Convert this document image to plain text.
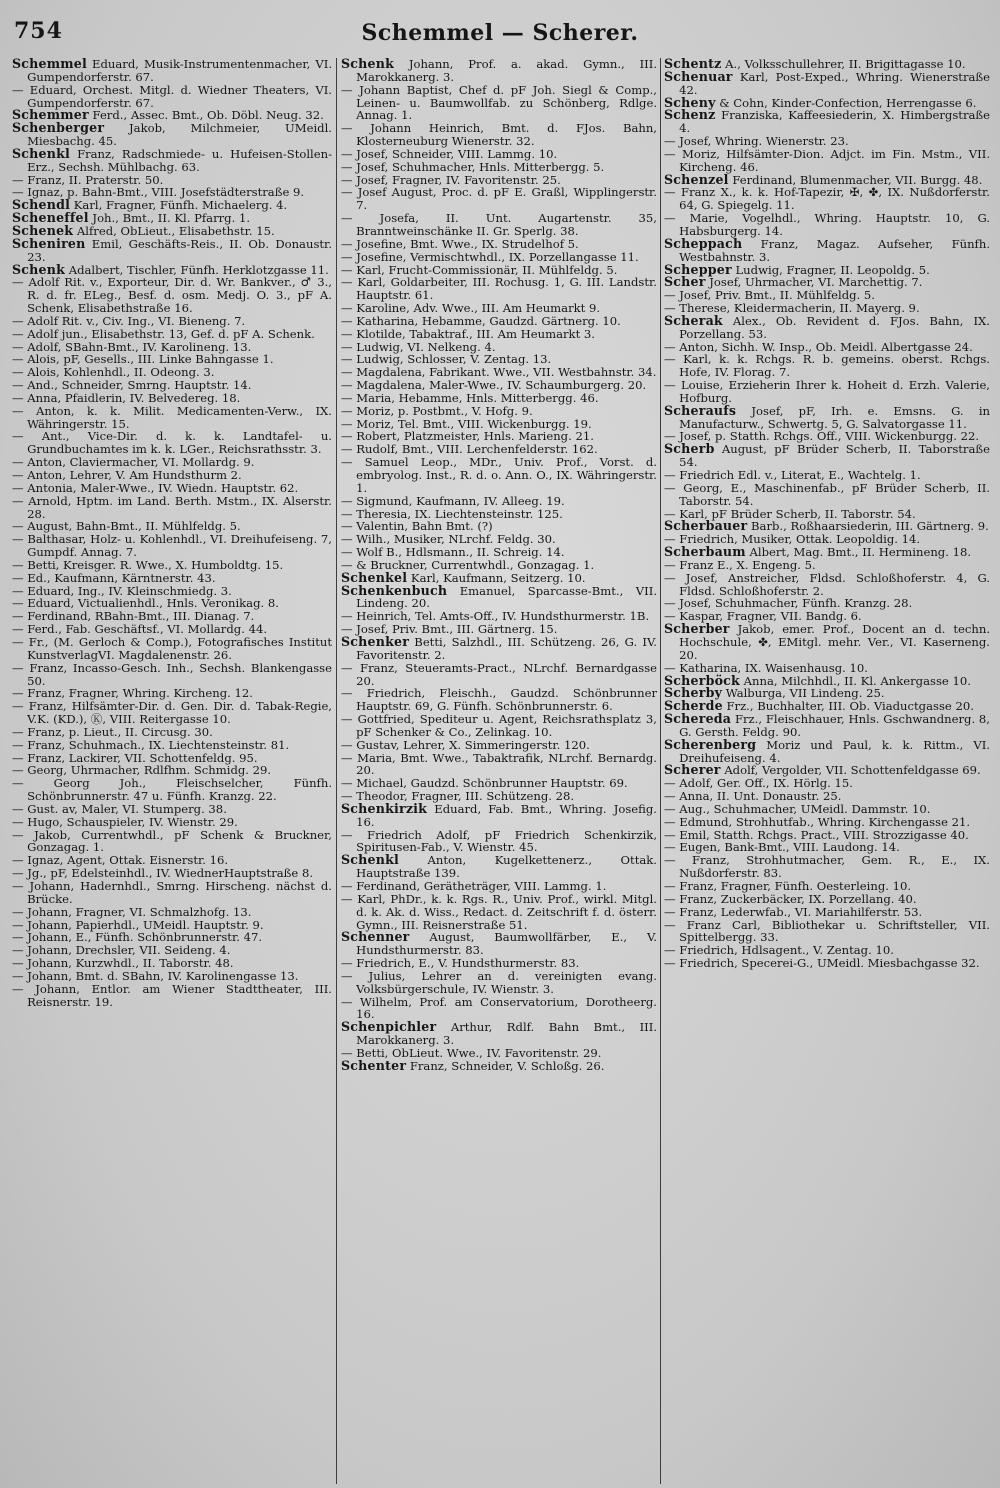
754	Schemmel — Scherer.
Schemmel Eduard, Musik-Instrumentenmacher, VI. Gumpendorferstr. 67.
— Eduard, Orchest. Mitgl. d. Wiedner Theaters, VI. Gumpendorferstr. 67.
Schemmer Ferd., Assec. Bmt., Ob. Döbl. Neug. 32.
Schenberger Jakob, Milchmeier, UMeidl. Miesbachg. 45.
Schenkl Franz, Radschmiede- u. Hufeisen-Stollen-Erz., Sechsh. Mühlbachg. 63.
— Franz, II. Praterstr. 50.
— Ignaz, p. Bahn-Bmt., VIII. Josefstädterstraße 9.
Schendl Karl, Fragner, Fünfh. Michaelerg. 4.
Scheneffel Joh., Bmt., II. Kl. Pfarrg. 1.
Schenek Alfred, ObLieut., Elisabethstr. 15.
Scheniren Emil, Geschäfts-Reis., II. Ob. Donaustr. 23.
Schenk Adalbert, Tischler, Fünfh. Herklotzgasse 11.
— Adolf Rit. v., Exporteur, Dir. d. Wr. Bankver., ♂ 3., R. d. fr. ELeg., Besf. d. osm. Medj. O. 3., pF A. Schenk, Elisabethstraße 16.
— Adolf Rit. v., Civ. Ing., VI. Bieneng. 7.
— Adolf jun., Elisabethstr. 13, Gef. d. pF A. Schenk.
— Adolf, SBahn-Bmt., IV. Karolineng. 13.
— Alois, pF, Gesells., III. Linke Bahngasse 1.
— Alois, Kohlenhdl., II. Odeong. 3.
— And., Schneider, Smrng. Hauptstr. 14.
— Anna, Pfaidlerin, IV. Belvedereg. 18.
— Anton, k. k. Milit. Medicamenten-Verw., IX. Währingerstr. 15.
— Ant., Vice-Dir. d. k. k. Landtafel- u. Grundbuchamtes im k. k. LGer., Reichsrathsstr. 3.
— Anton, Claviermacher, VI. Mollardg. 9.
— Anton, Lehrer, V. Am Hundsthurm 2.
— Antonia, Maler-Wwe., IV. Wiedn. Hauptstr. 62.
— Arnold, Hptm. im Land. Berth. Mstm., IX. Alserstr. 28.
— August, Bahn-Bmt., II. Mühlfeldg. 5.
— Balthasar, Holz- u. Kohlenhdl., VI. Dreihufeiseng. 7, Gumpdf. Annag. 7.
— Betti, Kreisger. R. Wwe., X. Humboldtg. 15.
— Ed., Kaufmann, Kärntnerstr. 43.
— Eduard, Ing., IV. Kleinschmiedg. 3.
— Eduard, Victualienhdl., Hnls. Veronikag. 8.
— Ferdinand, RBahn-Bmt., III. Dianag. 7.
— Ferd., Fab. Geschäftsf., VI. Mollardg. 44.
— Fr., (M. Gerloch & Comp.), Fotografisches Institut KunstverlagVI. Magdalenenstr. 26.
— Franz, Incasso-Gesch. Inh., Sechsh. Blankengasse 50.
— Franz, Fragner, Whring. Kircheng. 12.
— Franz, Hilfsämter-Dir. d. Gen. Dir. d. Tabak-Regie, V.K. (KD.), Ⓚ, VIII. Reitergasse 10.
— Franz, p. Lieut., II. Circusg. 30.
— Franz, Schuhmach., IX. Liechtensteinstr. 81.
— Franz, Lackirer, VII. Schottenfeldg. 95.
— Georg, Uhrmacher, Rdlfhm. Schmidg. 29.
— Georg Joh., Fleischselcher, Fünfh. Schönbrunnerstr. 47 u. Fünfh. Kranzg. 22.
— Gust. av, Maler, VI. Stumperg. 38.
— Hugo, Schauspieler, IV. Wienstr. 29.
— Jakob, Currentwhdl., pF Schenk & Bruckner, Gonzagag. 1.
— Ignaz, Agent, Ottak. Eisnerstr. 16.
— Jg., pF, Edelsteinhdl., IV. WiednerHauptstraße 8.
— Johann, Hadernhdl., Smrng. Hirscheng. nächst d. Brücke.
— Johann, Fragner, VI. Schmalzhofg. 13.
— Johann, Papierhdl., UMeidl. Hauptstr. 9.
— Johann, E., Fünfh. Schönbrunnerstr. 47.
— Johann, Drechsler, VII. Seideng. 4.
— Johann, Kurzwhdl., II. Taborstr. 48.
— Johann, Bmt. d. SBahn, IV. Karolinengasse 13.
— Johann, Entlor. am Wiener Stadttheater, III. Reisnerstr. 19.
Schenk Johann, Prof. a. akad. Gymn., III. Marokkanerg. 3.
— Johann Baptist, Chef d. pF Joh. Siegl & Comp., Leinen- u. Baumwollfab. zu Schönberg, Rdlge. Annag. 1.
— Johann Heinrich, Bmt. d. FJos. Bahn, Klosterneuburg Wienerstr. 32.
— Josef, Schneider, VIII. Lammg. 10.
— Josef, Schuhmacher, Hnls. Mitterbergg. 5.
— Josef, Fragner, IV. Favoritenstr. 25.
— Josef August, Proc. d. pF E. Graßl, Wipplingerstr. 7.
— Josefa, II. Unt. Augartenstr. 35, Branntweinschänke II. Gr. Sperlg. 38.
— Josefine, Bmt. Wwe., IX. Strudelhof 5.
— Josefine, Vermischtwhdl., IX. Porzellangasse 11.
— Karl, Frucht-Commissionär, II. Mühlfeldg. 5.
— Karl, Goldarbeiter, III. Rochusg. 1, G. III. Landstr. Hauptstr. 61.
— Karoline, Adv. Wwe., III. Am Heumarkt 9.
— Katharina, Hebamme, Gaudzd. Gärtnerg. 10.
— Klotilde, Tabaktraf., III. Am Heumarkt 3.
— Ludwig, VI. Nelkeng. 4.
— Ludwig, Schlosser, V. Zentag. 13.
— Magdalena, Fabrikant. Wwe., VII. Westbahnstr. 34.
— Magdalena, Maler-Wwe., IV. Schaumburgerg. 20.
— Maria, Hebamme, Hnls. Mitterbergg. 46.
— Moriz, p. Postbmt., V. Hofg. 9.
— Moriz, Tel. Bmt., VIII. Wickenburgg. 19.
— Robert, Platzmeister, Hnls. Marieng. 21.
— Rudolf, Bmt., VIII. Lerchenfelderstr. 162.
— Samuel Leop., MDr., Univ. Prof., Vorst. d. embryolog. Inst., R. d. o. Ann. O., IX. Währingerstr. 1.
— Sigmund, Kaufmann, IV. Alleeg. 19.
— Theresia, IX. Liechtensteinstr. 125.
— Valentin, Bahn Bmt. (?)
— Wilh., Musiker, NLrchf. Feldg. 30.
— Wolf B., Hdlsmann., II. Schreig. 14.
— & Bruckner, Currentwhdl., Gonzagag. 1.
Schenkel Karl, Kaufmann, Seitzerg. 10.
Schenkenbuch Emanuel, Sparcasse-Bmt., VII. Lindeng. 20.
— Heinrich, Tel. Amts-Off., IV. Hundsthurmerstr. 1B.
— Josef, Priv. Bmt., III. Gärtnerg. 15.
Schenker Betti, Salzhdl., III. Schützeng. 26, G. IV. Favoritenstr. 2.
— Franz, Steueramts-Pract., NLrchf. Bernardgasse 20.
— Friedrich, Fleischh., Gaudzd. Schönbrunner Hauptstr. 69, G. Fünfh. Schönbrunnerstr. 6.
— Gottfried, Spediteur u. Agent, Reichsrathsplatz 3, pF Schenker & Co., Zelinkag. 10.
— Gustav, Lehrer, X. Simmeringerstr. 120.
— Maria, Bmt. Wwe., Tabaktrafik, NLrchf. Bernardg. 20.
— Michael, Gaudzd. Schönbrunner Hauptstr. 69.
— Theodor, Fragner, III. Schützeng. 28.
Schenkirzik Eduard, Fab. Bmt., Whring. Josefig. 16.
— Friedrich Adolf, pF Friedrich Schenkirzik, Spiritusen-Fab., V. Wienstr. 45.
Schenkl Anton, Kugelkettenerz., Ottak. Hauptstraße 139.
— Ferdinand, Gerätheträger, VIII. Lammg. 1.
— Karl, PhDr., k. k. Rgs. R., Univ. Prof., wirkl. Mitgl. d. k. Ak. d. Wiss., Redact. d. Zeitschrift f. d. österr. Gymn., III. Reisnerstraße 51.
Schenner August, Baumwollfärber, E., V. Hundsthurmerstr. 83.
— Friedrich, E., V. Hundsthurmerstr. 83.
— Julius, Lehrer an d. vereinigten evang. Volksbürgerschule, IV. Wienstr. 3.
— Wilhelm, Prof. am Conservatorium, Dorotheerg. 16.
Schenpichler Arthur, Rdlf. Bahn Bmt., III. Marokkanerg. 3.
— Betti, ObLieut. Wwe., IV. Favoritenstr. 29.
Schenter Franz, Schneider, V. Schloßg. 26.
Schentz A., Volksschullehrer, II. Brigittagasse 10.
Schenuar Karl, Post-Exped., Whring. Wienerstraße 42.
Scheny & Cohn, Kinder-Confection, Herrengasse 6.
Schenz Franziska, Kaffeesiederin, X. Himbergstraße 4.
— Josef, Whring. Wienerstr. 23.
— Moriz, Hilfsämter-Dion. Adjct. im Fin. Mstm., VII. Kircheng. 46.
Schenzel Ferdinand, Blumenmacher, VII. Burgg. 48.
— Franz X., k. k. Hof-Tapezir, ✠, ✤, IX. Nußdorferstr. 64, G. Spiegelg. 11.
— Marie, Vogelhdl., Whring. Hauptstr. 10, G. Habsburgerg. 14.
Scheppach Franz, Magaz. Aufseher, Fünfh. Westbahnstr. 3.
Schepper Ludwig, Fragner, II. Leopoldg. 5.
Scher Josef, Uhrmacher, VI. Marchettig. 7.
— Josef, Priv. Bmt., II. Mühlfeldg. 5.
— Therese, Kleidermacherin, II. Mayerg. 9.
Scherak Alex., Ob. Revident d. FJos. Bahn, IX. Porzellang. 53.
— Anton, Sichh. W. Insp., Ob. Meidl. Albertgasse 24.
— Karl, k. k. Rchgs. R. b. gemeins. oberst. Rchgs. Hofe, IV. Florag. 7.
— Louise, Erzieherin Ihrer k. Hoheit d. Erzh. Valerie, Hofburg.
Scheraufs Josef, pF, Irh. e. Emsns. G. in Manufacturw., Schwertg. 5, G. Salvatorgasse 11.
— Josef, p. Statth. Rchgs. Off., VIII. Wickenburgg. 22.
Scherb August, pF Brüder Scherb, II. Taborstraße 54.
— Friedrich Edl. v., Literat, E., Wachtelg. 1.
— Georg, E., Maschinenfab., pF Brüder Scherb, II. Taborstr. 54.
— Karl, pF Brüder Scherb, II. Taborstr. 54.
Scherbauer Barb., Roßhaarsiederin, III. Gärtnerg. 9.
— Friedrich, Musiker, Ottak. Leopoldig. 14.
Scherbaum Albert, Mag. Bmt., II. Hermineng. 18.
— Franz E., X. Engeng. 5.
— Josef, Anstreicher, Fldsd. Schloßhoferstr. 4, G. Fldsd. Schloßhoferstr. 2.
— Josef, Schuhmacher, Fünfh. Kranzg. 28.
— Kaspar, Fragner, VII. Bandg. 6.
Scherber Jakob, emer. Prof., Docent an d. techn. Hochschule, ✤, EMitgl. mehr. Ver., VI. Kaserneng. 20.
— Katharina, IX. Waisenhausg. 10.
Scherböck Anna, Milchhdl., II. Kl. Ankergasse 10.
Scherby Walburga, VII Lindeng. 25.
Scherde Frz., Buchhalter, III. Ob. Viaductgasse 20.
Schereda Frz., Fleischhauer, Hnls. Gschwandnerg. 8, G. Gersth. Feldg. 90.
Scherenberg Moriz und Paul, k. k. Rittm., VI. Dreihufeiseng. 4.
Scherer Adolf, Vergolder, VII. Schottenfeldgasse 69.
— Adolf, Ger. Off., IX. Hörlg. 15.
— Anna, II. Unt. Donaustr. 25.
— Aug., Schuhmacher, UMeidl. Dammstr. 10.
— Edmund, Strohhutfab., Whring. Kirchengasse 21.
— Emil, Statth. Rchgs. Pract., VIII. Strozzigasse 40.
— Eugen, Bank-Bmt., VIII. Laudong. 14.
— Franz, Strohhutmacher, Gem. R., E., IX. Nußdorferstr. 83.
— Franz, Fragner, Fünfh. Oesterleing. 10.
— Franz, Zuckerbäcker, IX. Porzellang. 40.
— Franz, Lederwfab., VI. Mariahilferstr. 53.
— Franz Carl, Bibliothekar u. Schriftsteller, VII. Spittelbergg. 33.
— Friedrich, Hdlsagent., V. Zentag. 10.
— Friedrich, Specerei-G., UMeidl. Miesbachgasse 32.
